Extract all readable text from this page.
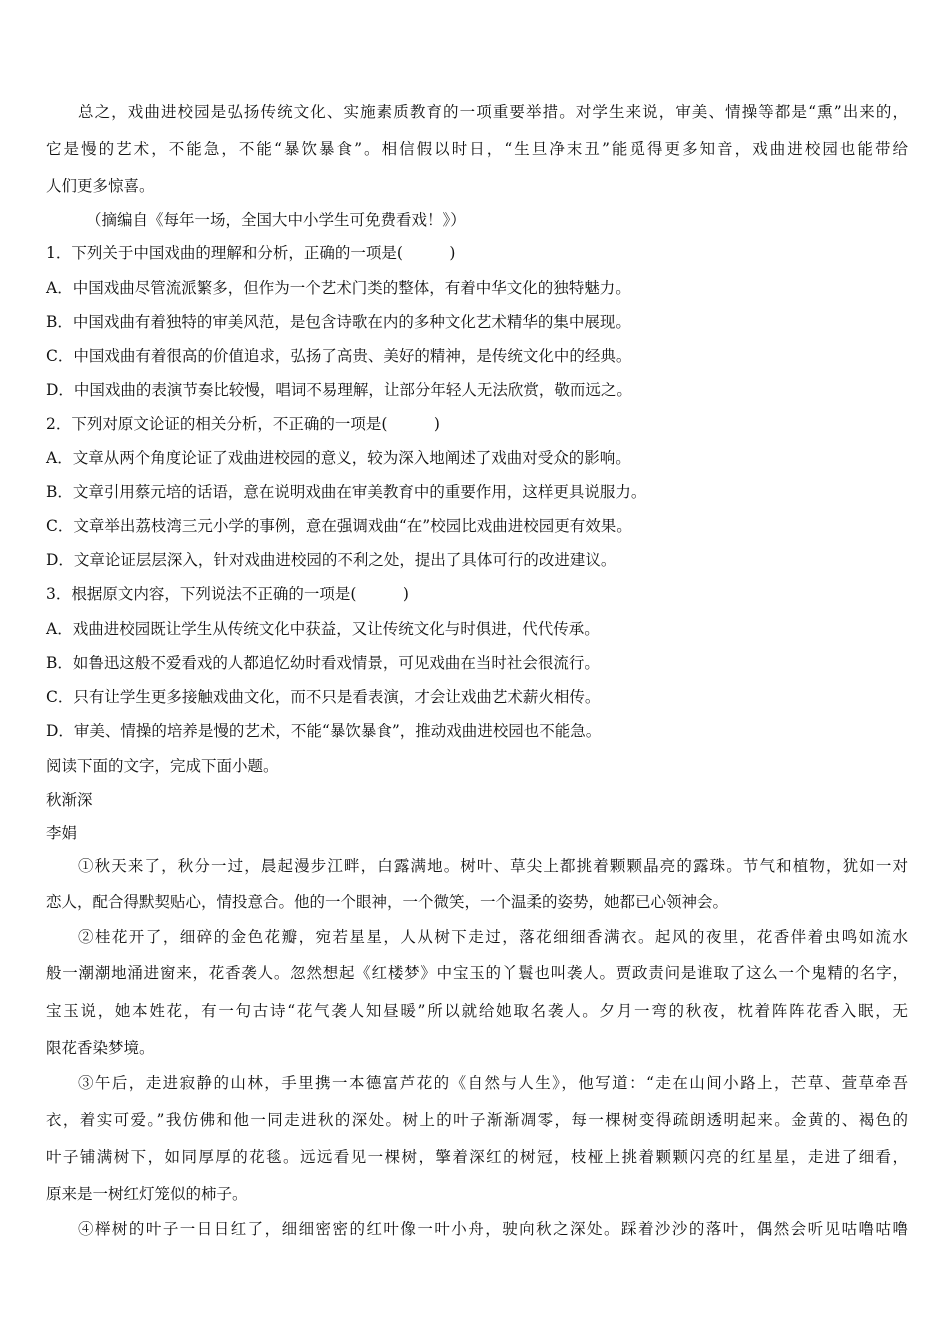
总之，戏曲进校园是弘扬传统文化、实施素质教育的一项重要举措。对学生来说，审美、情操等都是“熏”出来的，
它是慢的艺术，不能急，不能“暴饮暴食”。相信假以时日，“生旦净末丑”能觅得更多知音，戏曲进校园也能带给
人们更多惊喜。
（摘编自《每年一场，全国大中小学生可免费看戏！》）
1．下列关于中国戏曲的理解和分析，正确的一项是(　　　)
A．中国戏曲尽管流派繁多，但作为一个艺术门类的整体，有着中华文化的独特魅力。
B．中国戏曲有着独特的审美风范，是包含诗歌在内的多种文化艺术精华的集中展现。
C．中国戏曲有着很高的价值追求，弘扬了高贵、美好的精神，是传统文化中的经典。
D．中国戏曲的表演节奏比较慢，唱词不易理解，让部分年轻人无法欣赏，敬而远之。
2．下列对原文论证的相关分析，不正确的一项是(　　　)
A．文章从两个角度论证了戏曲进校园的意义，较为深入地阐述了戏曲对受众的影响。
B．文章引用蔡元培的话语，意在说明戏曲在审美教育中的重要作用，这样更具说服力。
C．文章举出荔枝湾三元小学的事例，意在强调戏曲“在”校园比戏曲进校园更有效果。
D．文章论证层层深入，针对戏曲进校园的不利之处，提出了具体可行的改进建议。
3．根据原文内容，下列说法不正确的一项是(　　　)
A．戏曲进校园既让学生从传统文化中获益，又让传统文化与时俱进，代代传承。
B．如鲁迅这般不爱看戏的人都追忆幼时看戏情景，可见戏曲在当时社会很流行。
C．只有让学生更多接触戏曲文化，而不只是看表演，才会让戏曲艺术薪火相传。
D．审美、情操的培养是慢的艺术，不能“暴饮暴食”，推动戏曲进校园也不能急。
阅读下面的文字，完成下面小题。
秋渐深
李娟
①秋天来了，秋分一过，晨起漫步江畔，白露满地。树叶、草尖上都挑着颗颗晶亮的露珠。节气和植物，犹如一对
恋人，配合得默契贴心，情投意合。他的一个眼神，一个微笑，一个温柔的姿势，她都已心领神会。
②桂花开了，细碎的金色花瓣，宛若星星，人从树下走过，落花细细香满衣。起风的夜里，花香伴着虫鸣如流水
般一潮潮地涌进窗来，花香袭人。忽然想起《红楼梦》中宝玉的丫鬟也叫袭人。贾政责问是谁取了这么一个鬼精的名字，
宝玉说，她本姓花，有一句古诗“花气袭人知昼暖”所以就给她取名袭人。夕月一弯的秋夜，枕着阵阵花香入眠，无
限花香染梦境。
③午后，走进寂静的山林，手里携一本德富芦花的《自然与人生》，他写道：“走在山间小路上，芒草、萱草牵吾
衣，着实可爱。”我仿佛和他一同走进秋的深处。树上的叶子渐渐凋零，每一棵树变得疏朗透明起来。金黄的、褐色的
叶子铺满树下，如同厚厚的花毯。远远看见一棵树，擎着深红的树冠，枝桠上挑着颗颗闪亮的红星星，走进了细看，
原来是一树红灯笼似的柿子。
④榉树的叶子一日日红了，细细密密的红叶像一叶小舟，驶向秋之深处。踩着沙沙的落叶，偶然会听见咕噜咕噜
